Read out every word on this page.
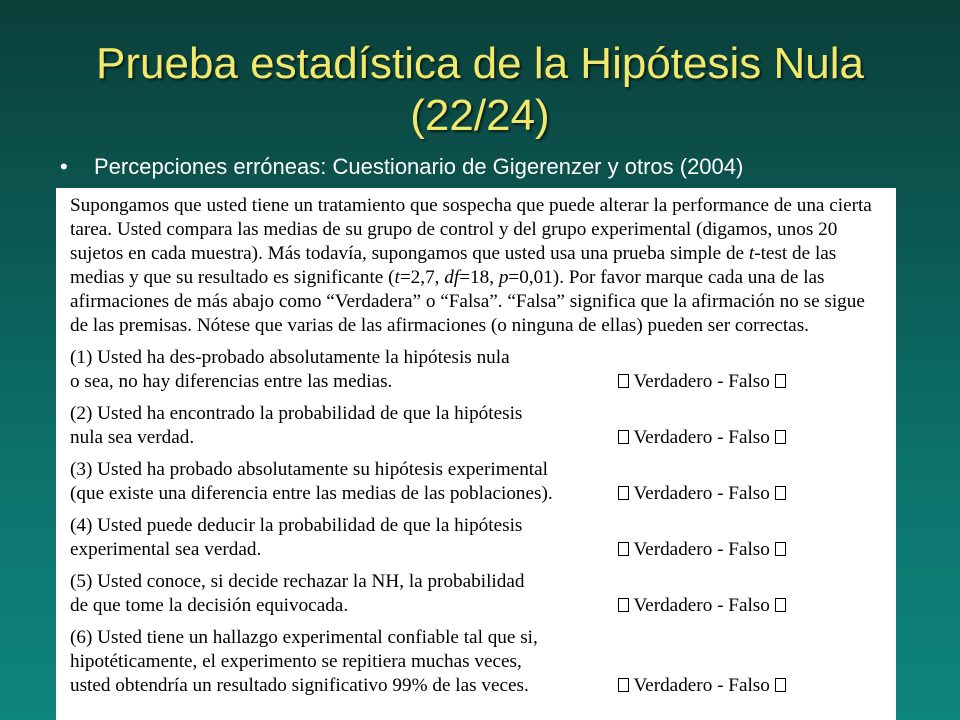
Prueba estadística de la Hipótesis Nula
(22/24)
•	Percepciones erróneas: Cuestionario de Gigerenzer y otros (2004)
Supongamos que usted tiene un tratamiento que sospecha que puede alterar la performance de una cierta tarea. Usted compara las medias de su grupo de control y del grupo experimental (digamos, unos 20 sujetos en cada muestra). Más todavía, supongamos que usted usa una prueba simple de t-test de las medias y que su resultado es significante (t=2,7, df=18, p=0,01). Por favor marque cada una de las afirmaciones de más abajo como “Verdadera” o “Falsa”. “Falsa” significa que la afirmación no se sigue de las premisas. Nótese que varias de las afirmaciones (o ninguna de ellas) pueden ser correctas.
(1) Usted ha des-probado absolutamente la hipótesis nula
o sea, no hay diferencias entre las medias.	Verdadero - Falso
(2) Usted ha encontrado la probabilidad de que la hipótesis
nula sea verdad.	Verdadero - Falso
(3) Usted ha probado absolutamente su hipótesis experimental
(que existe una diferencia entre las medias de las poblaciones).	Verdadero - Falso
(4) Usted puede deducir la probabilidad de que la hipótesis
experimental sea verdad.	Verdadero - Falso
(5) Usted conoce, si decide rechazar la NH, la probabilidad
de que tome la decisión equivocada.	Verdadero - Falso
(6) Usted tiene un hallazgo experimental confiable tal que si,
hipotéticamente, el experimento se repitiera muchas veces,
usted obtendría un resultado significativo 99% de las veces.	Verdadero - Falso
